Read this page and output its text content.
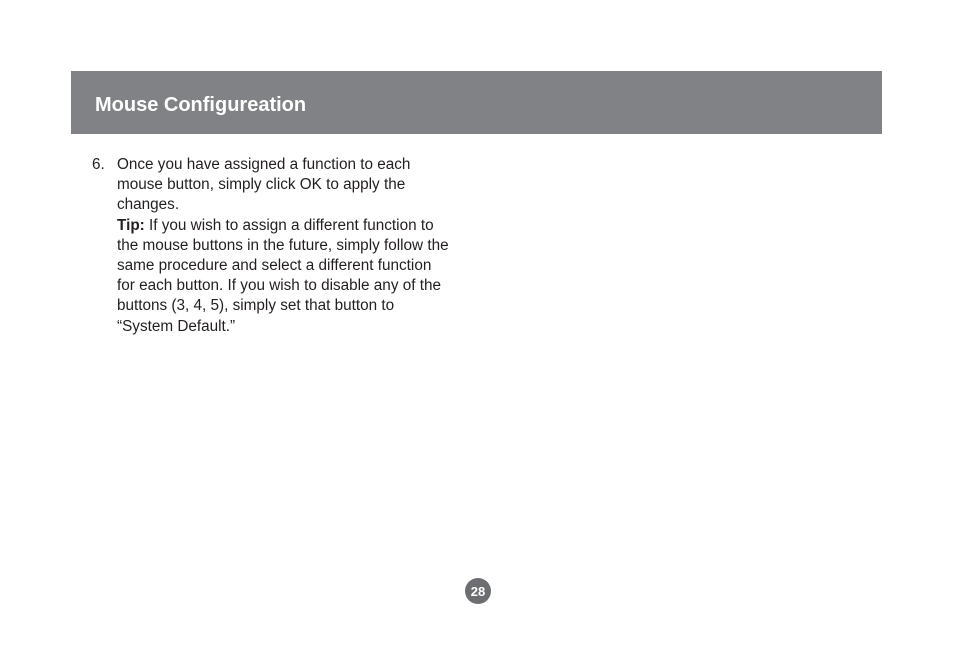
Mouse Configureation
6. Once you have assigned a function to each
mouse button, simply click OK to apply the
changes.
Tip: If you wish to assign a different function to
the mouse buttons in the future, simply follow the
same procedure and select a different function
for each button. If you wish to disable any of the
buttons (3, 4, 5), simply set that button to
“System Default.”
28
